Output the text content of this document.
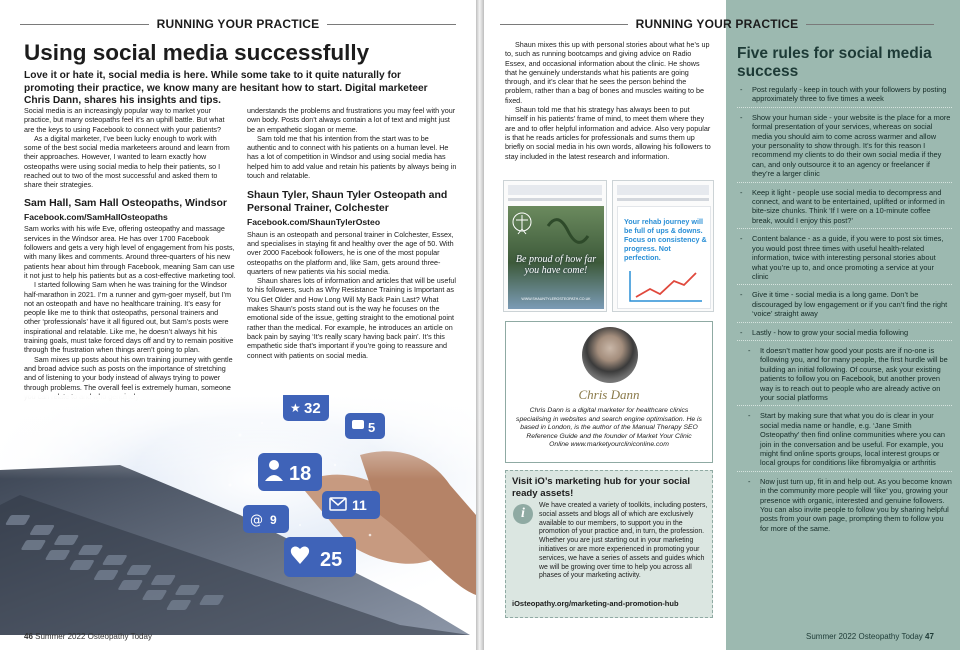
RUNNING YOUR PRACTICE
Using social media successfully
Love it or hate it, social media is here. While some take to it quite naturally for promoting their practice, we know many are hesitant how to start. Digital marketeer Chris Dann, shares his insights and tips.

Social media is an increasingly popular way to market your practice, but many osteopaths feel it’s an uphill battle. But what are the keys to using Facebook to connect with your patients?

As a digital marketer, I’ve been lucky enough to work with some of the best social media marketeers around and learn from their approaches. However, I wanted to learn exactly how osteopaths were using social media to help their patients, so I reached out to two of the most successful and asked them to share their strategies.

Sam Hall, Sam Hall Osteopaths, Windsor
Facebook.com/SamHallOsteopaths

Sam works with his wife Eve, offering osteopathy and massage services in the Windsor area. He has over 1700 Facebook followers and gets a very high level of engagement from his posts, with many likes and comments. Around three-quarters of his new patients hear about him through Facebook, meaning Sam can use it not just to help his patients but as a cost-effective marketing tool.

I started following Sam when he was training for the Windsor half-marathon in 2021. I’m a runner and gym-goer myself, but I’m not an osteopath and have no healthcare training. It’s easy for people like me to think that osteopaths, personal trainers and other ‘professionals’ have it all figured out, but Sam’s posts were inspirational and relatable. Like me, he doesn’t always hit his training goals, must take forced days off and try to remain positive through the frustration when things aren’t going to plan.

Sam mixes up posts about his own training journey with gentle and broad advice such as posts on the importance of stretching and of listening to your body instead of always trying to power through problems. The overall feel is extremely human, someone

understands the problems and frustrations you may feel with your own body. Posts don’t always contain a lot of text and might just be an empathetic slogan or meme.

Sam told me that his intention from the start was to be authentic and to connect with his patients on a human level. He has a lot of competition in Windsor and using social media has helped him to add value and retain his patients by always being in touch and relatable.

Shaun Tyler, Shaun Tyler Osteopath and Personal Trainer, Colchester
Facebook.com/ShaunTylerOsteo

Shaun is an osteopath and personal trainer in Colchester, Essex, and specialises in staying fit and healthy over the age of 50. With over 2000 Facebook followers, he is one of the most popular osteopaths on the platform and, like Sam, gets around three-quarters of new patients via his social media.

Shaun shares lots of information and articles that will be useful to his followers, such as Why Resistance Training is Important as You Get Older and How Long Will My Back Pain Last? What makes Shaun’s posts stand out is the way he focuses on the emotional side of the issue, getting straight to the emotional point rather than the medical. For example, he introduces an article on back pain by saying ‘It’s really scary having back pain’. It’s this empathetic side that’s important if you’re going to reassure and connect with patients on social media.

★ 32
5
18
11
@ 9
25
46 Summer 2022 Osteopathy Today
RUNNING YOUR PRACTICE

Shaun mixes this up with personal stories about what he’s up to, such as running bootcamps and giving advice on Radio Essex, and occasional information about the clinic. He shows that he genuinely understands what his patients are going through, and it’s clear that he sees the person behind the problem, rather than a bag of bones and muscles waiting to be fixed.

Shaun told me that his strategy has always been to put himself in his patients’ frame of mind, to meet them where they are and to offer helpful information and advice. Also very popular is that he reads articles for professionals and sums them up briefly on social media in his own words, allowing his followers to stay included in the latest research and information.

Be proud of how far you have come!
WWW.SHAUNTYLEROSTEOPATH.CO.UK
Your rehab journey will be full of ups & downs. Focus on consistency & progress. Not perfection.
Chris Dann
Chris Dann is a digital marketer for healthcare clinics specialising in websites and search engine optimisation. He is based in London, is the author of the Manual Therapy SEO Reference Guide and the founder of Market Your Clinic Online www.marketyourcliniconline.com
Visit iO’s marketing hub for your social ready assets!
i
We have created a variety of toolkits, including posters, social assets and blogs all of which are exclusively available to our members, to support you in the promotion of your practice and, in turn, the profession. Whether you are just starting out in your marketing initiatives or are more experienced in promoting your services, we have a series of assets and guides which we will be growing over time to help you across all phases of your marketing activity.
iOsteopathy.org/marketing-and-promotion-hub
Five rules for social media success
- Post regularly - keep in touch with your followers by posting approximately three to five times a week
- Show your human side - your website is the place for a more formal presentation of your services, whereas on social media you should aim to come across warmer and allow your personality to show through. It’s for this reason I recommend my clients to do their own social media if they can, and only outsource it to an agency or freelancer if they’re a larger clinic
- Keep it light - people use social media to decompress and connect, and want to be entertained, uplifted or informed in bite-size chunks. Think ‘If I were on a 10-minute coffee break, would I enjoy this post?’
- Content balance - as a guide, if you were to post six times, you would post three times with useful health-related information, twice with interesting personal stories about what you’re up to, and once promoting a service at your clinic
- Give it time - social media is a long game. Don’t be discouraged by low engagement or if you can’t find the right ‘voice’ straight away
- Lastly - how to grow your social media following
- It doesn’t matter how good your posts are if no-one is following you, and for many people, the first hurdle will be building an initial following. Of course, ask your existing patients to follow you on Facebook, but another proven way is to reach out to people who are already active on your social platforms
- Start by making sure that what you do is clear in your social media name or handle, e.g. ‘Jane Smith Osteopathy’ then find online communities where you can join in the conversation and be useful. For example, you might find online sports groups, local interest groups or local groups for conditions like fibromyalgia or arthritis
- Now just turn up, fit in and help out. As you become known in the community more people will ‘like’ you, growing your presence with organic, interested and genuine followers. You can also invite people to follow you by sharing helpful posts from your own page, prompting them to follow you for more of the same.
Summer 2022 Osteopathy Today 47
